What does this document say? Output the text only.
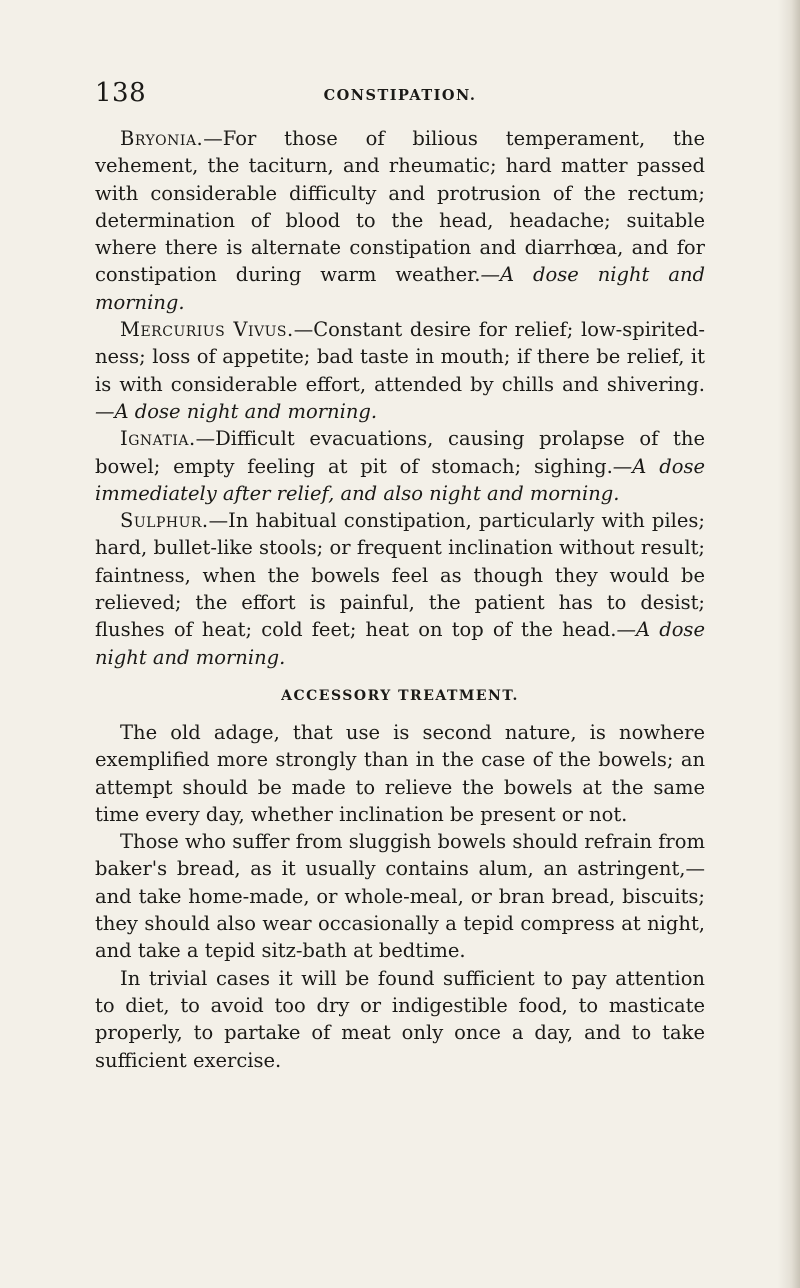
138	CONSTIPATION.

Bryonia.—For those of bilious temperament, the vehement, the taciturn, and rheumatic; hard matter passed with considerable difficulty and protrusion of the rectum; determination of blood to the head, headache; suitable where there is alternate constipation and diarrhœa, and for constipation during warm weather.—A dose night and morning.

Mercurius Vivus.—Constant desire for relief; low-spiritedness; loss of appetite; bad taste in mouth; if there be relief, it is with considerable effort, attended by chills and shivering.—A dose night and morning.

Ignatia.—Difficult evacuations, causing prolapse of the bowel; empty feeling at pit of stomach; sighing.—A dose immediately after relief, and also night and morning.

Sulphur.—In habitual constipation, particularly with piles; hard, bullet-like stools; or frequent inclination without result; faintness, when the bowels feel as though they would be relieved; the effort is painful, the patient has to desist; flushes of heat; cold feet; heat on top of the head.—A dose night and morning.

ACCESSORY TREATMENT.

The old adage, that use is second nature, is nowhere exemplified more strongly than in the case of the bowels; an attempt should be made to relieve the bowels at the same time every day, whether inclination be present or not.

Those who suffer from sluggish bowels should refrain from baker's bread, as it usually contains alum, an astringent,—and take home-made, or whole-meal, or bran bread, biscuits; they should also wear occasionally a tepid compress at night, and take a tepid sitz-bath at bedtime.

In trivial cases it will be found sufficient to pay attention to diet, to avoid too dry or indigestible food, to masticate properly, to partake of meat only once a day, and to take sufficient exercise.
